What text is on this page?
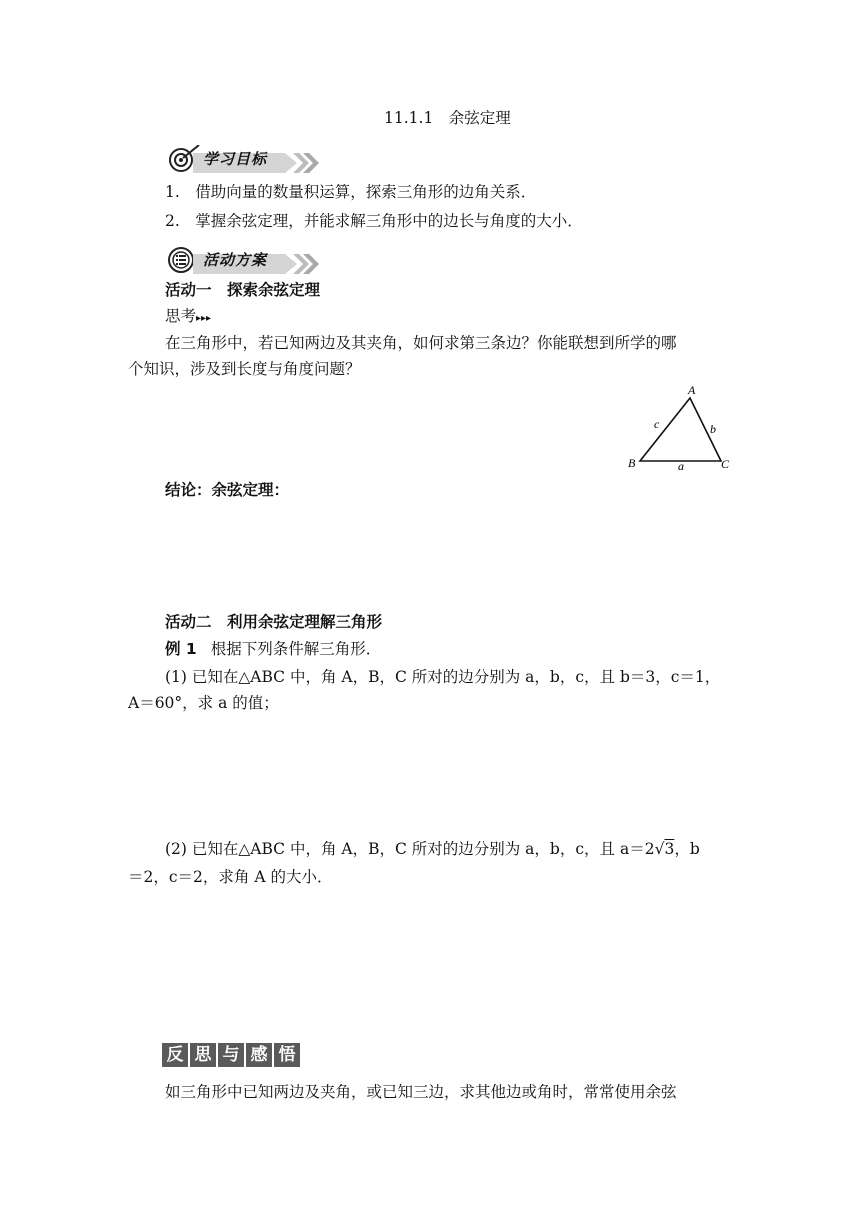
11.1.1　余弦定理
学习目标
1.　借助向量的数量积运算，探索三角形的边角关系．
2.　掌握余弦定理，并能求解三角形中的边长与角度的大小．
活动方案
活动一　探索余弦定理
思考▸▸▸
在三角形中，若已知两边及其夹角，如何求第三条边？你能联想到所学的哪
个知识，涉及到长度与角度问题？
A
B	C
c	b
a
结论：余弦定理：
活动二　利用余弦定理解三角形
例 1 根据下列条件解三角形．
(1) 已知在△ABC 中，角 A，B，C 所对的边分别为 a，b，c，且 b＝3，c＝1，
A＝60°，求 a 的值；
(2) 已知在△ABC 中，角 A，B，C 所对的边分别为 a，b，c，且 a＝2√3，b
＝2，c＝2，求角 A 的大小．
反 思 与 感 悟
如三角形中已知两边及夹角，或已知三边，求其他边或角时，常常使用余弦
